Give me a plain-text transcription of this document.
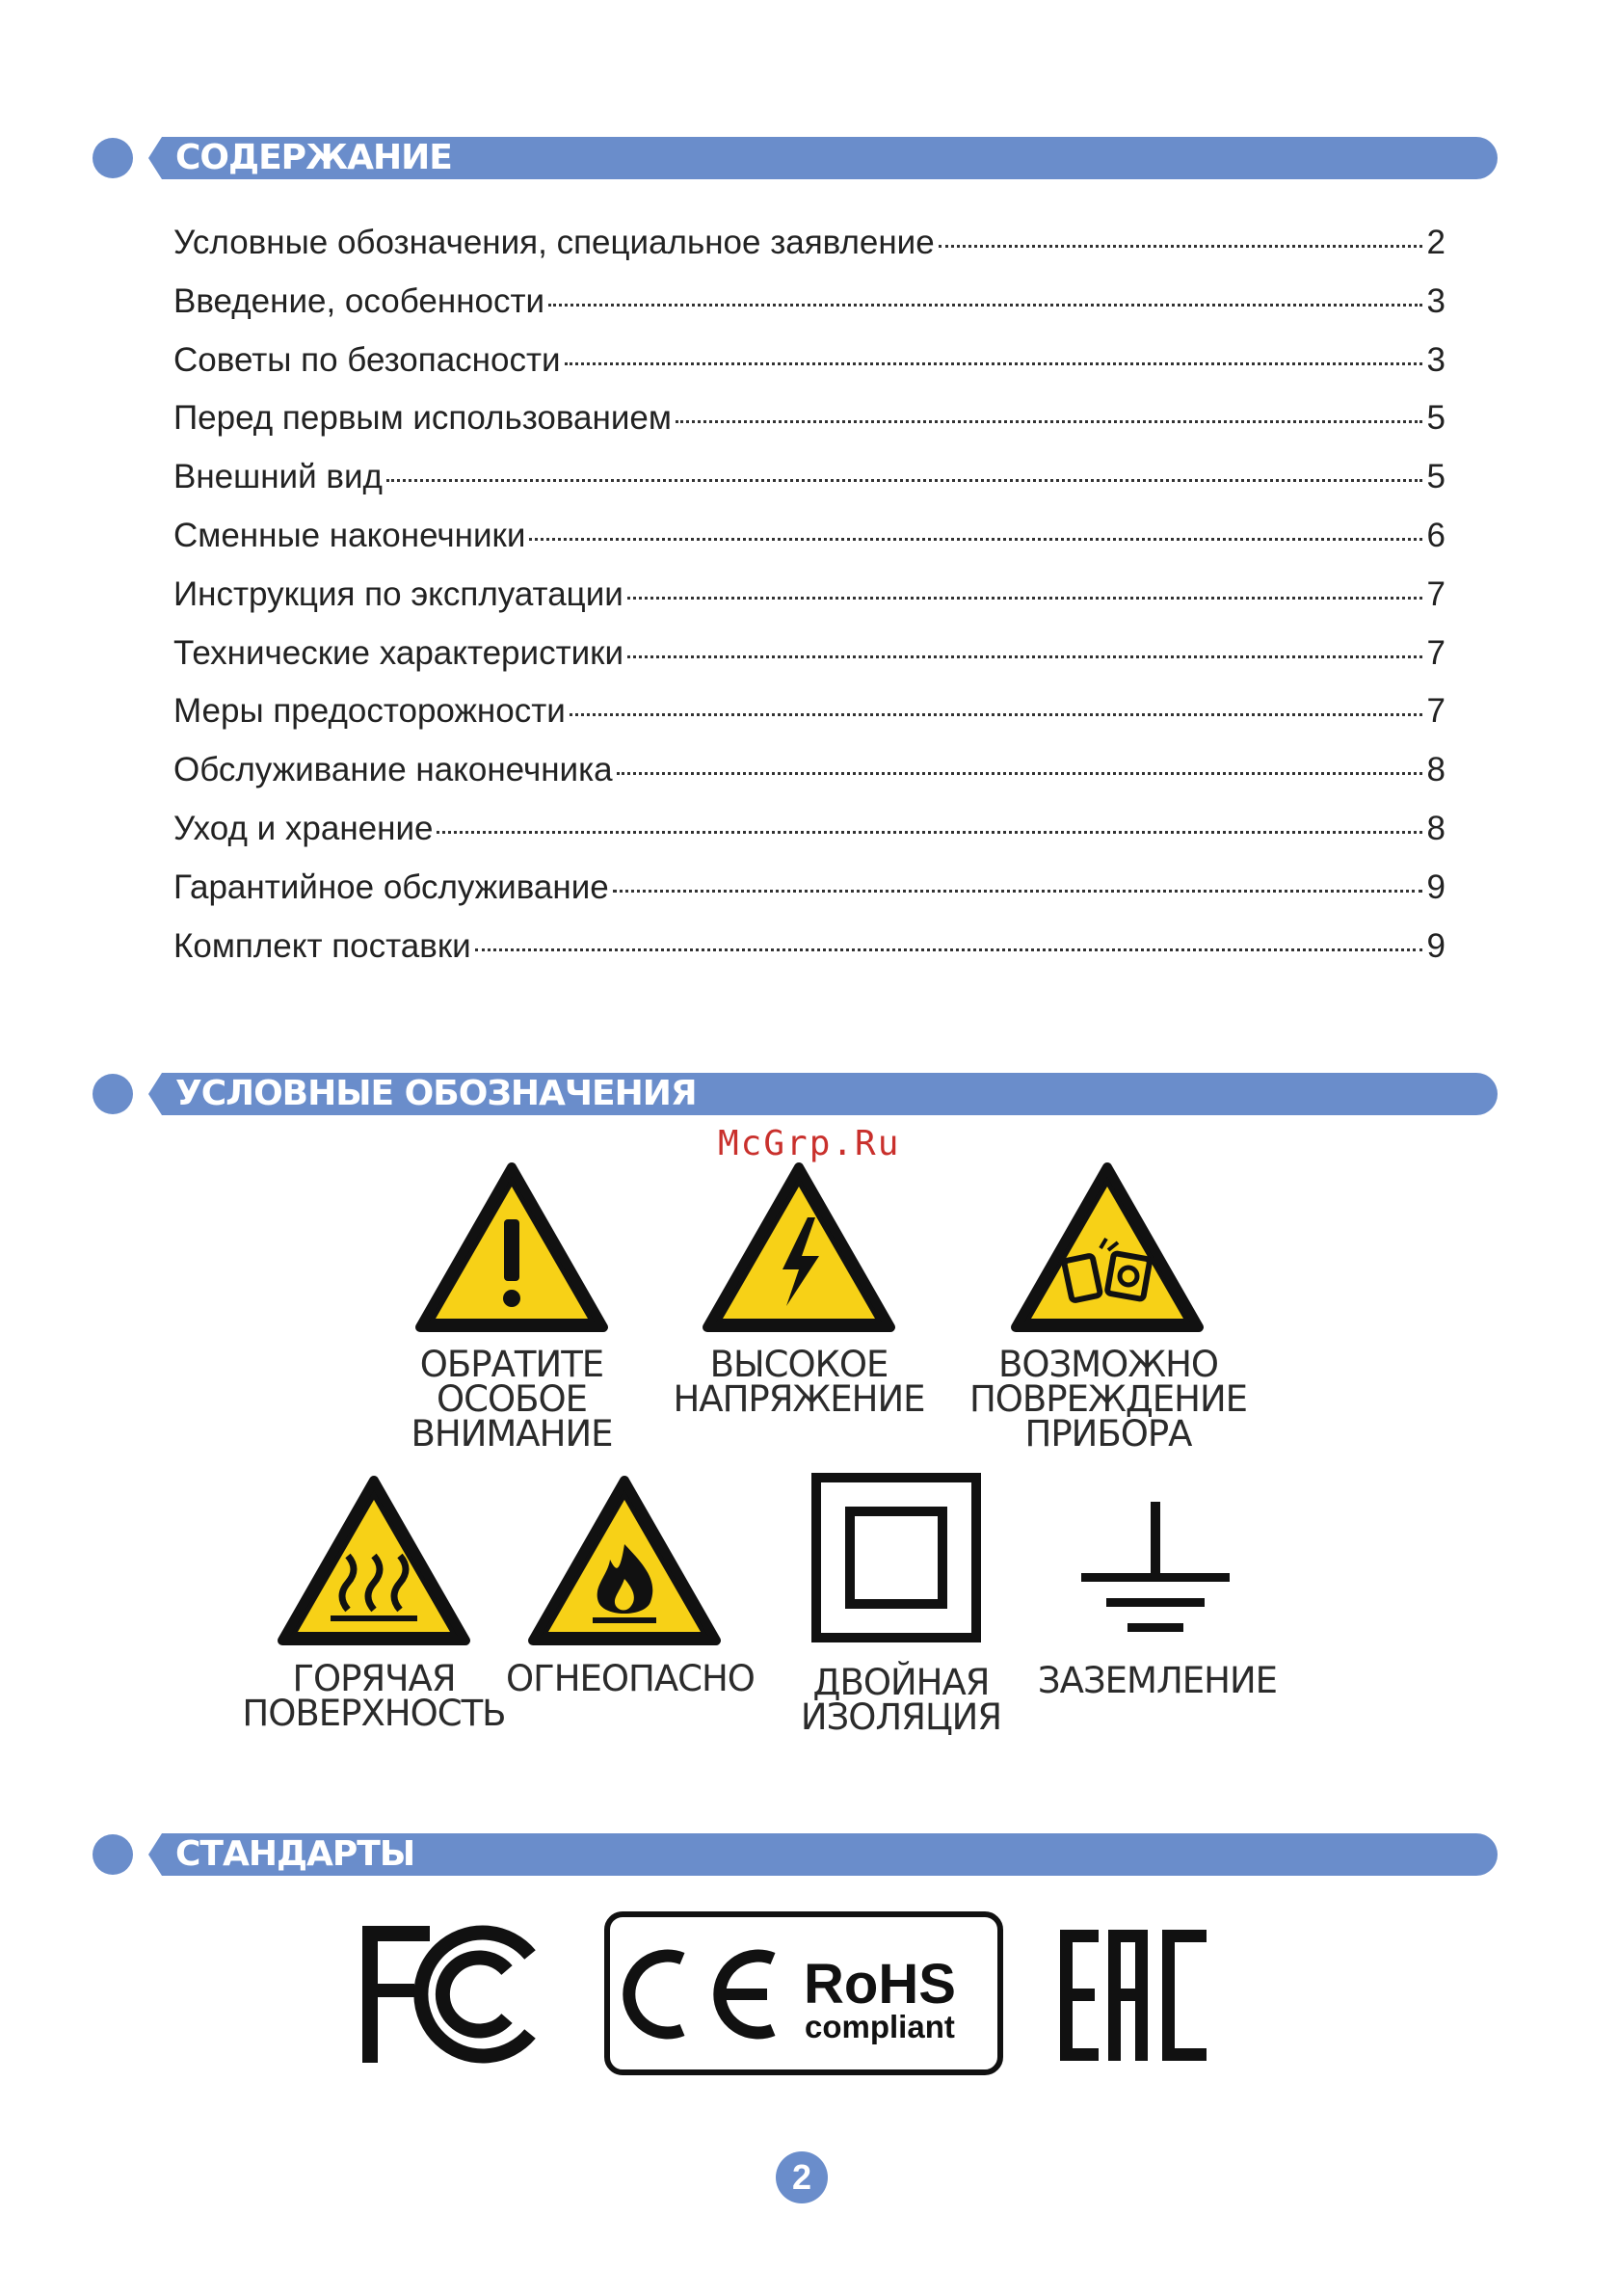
СОДЕРЖАНИЕ
Условные обозначения, специальное заявление	2
Введение, особенности	3
Советы по безопасности	3
Перед первым использованием	5
Внешний вид	5
Сменные наконечники	6
Инструкция по эксплуатации	7
Технические характеристики	7
Меры предосторожности	7
Обслуживание наконечника	8
Уход и хранение	8
Гарантийное обслуживание	9
Комплект поставки	9
УСЛОВНЫЕ ОБОЗНАЧЕНИЯ
McGrp.Ru
ОБРАТИТЕ
ОСОБОЕ
ВНИМАНИЕ
ВЫСОКОЕ
НАПРЯЖЕНИЕ
ВОЗМОЖНО
ПОВРЕЖДЕНИЕ
ПРИБОРА
ГОРЯЧАЯ
ПОВЕРХНОСТЬ
ОГНЕОПАСНО	ДВОЙНАЯ
ИЗОЛЯЦИЯ
ЗАЗЕМЛЕНИЕ
СТАНДАРТЫ
RoHS
compliant
2
